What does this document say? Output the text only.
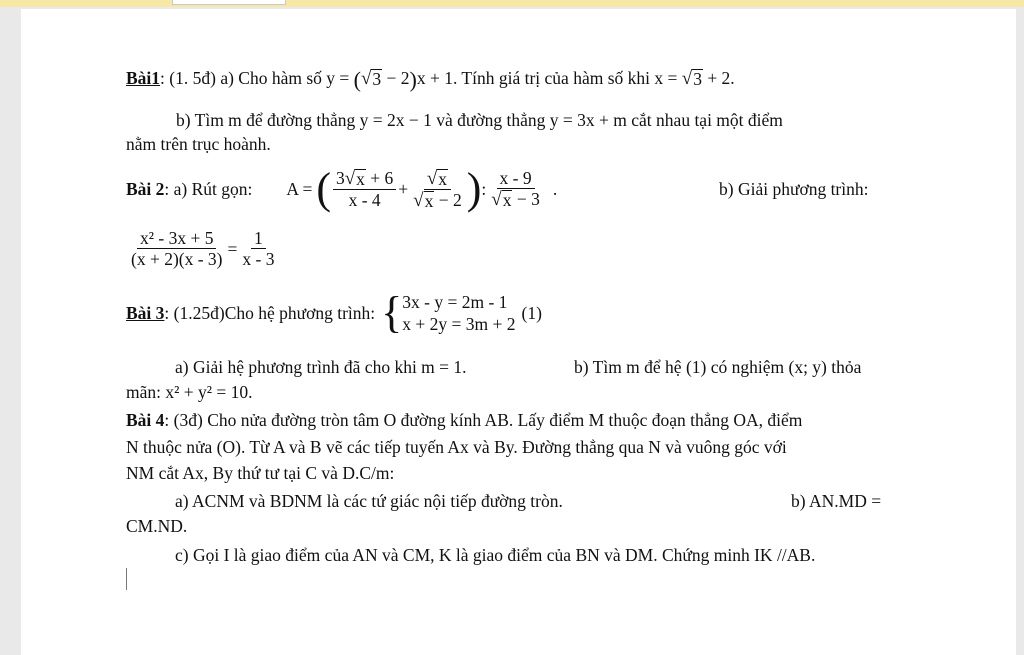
Bài1: (1. 5đ) a) Cho hàm số y = ( √ 3 − 2)x + 1. Tính giá trị của hàm số khi x = √ 3 + 2.
b) Tìm m để đường thẳng y = 2x − 1 và đường thẳng y = 3x + m cắt nhau tại một điểm
nằm trên trục hoành.
Bài 2 : a) Rút gọn: A = ( $\frac{3 √ x + 6}{x - 4} + \frac{√ x}{√ x - 2}$ ) : $\frac{x - 9}{√ x - 3}$ .	b) Giải phương trình:
$\frac{\text{x² - 3x + 5}}{(x + 2)(x - 3)} = \frac{1}{x - 3}$
Bài 3 : (1.25đ)Cho hệ phương trình: { 3x - y = 2m - 1
x + 2y = 3m + 2
(1)
a) Giải hệ phương trình đã cho khi m = 1.	b) Tìm m để hệ (1) có nghiệm (x; y) thỏa
mãn: x² + y² = 10.
Bài 4: (3đ) Cho nửa đường tròn tâm O đường kính AB. Lấy điểm M thuộc đoạn thẳng OA, điểm
N thuộc nửa (O). Từ A và B vẽ các tiếp tuyến Ax và By. Đường thẳng qua N và vuông góc với
NM cắt Ax, By thứ tư tại C và D.C/m:
a) ACNM và BDNM là các tứ giác nội tiếp đường tròn.	b) AN.MD =
CM.ND.
c) Gọi I là giao điểm của AN và CM, K là giao điểm của BN và DM. Chứng minh IK //AB.
